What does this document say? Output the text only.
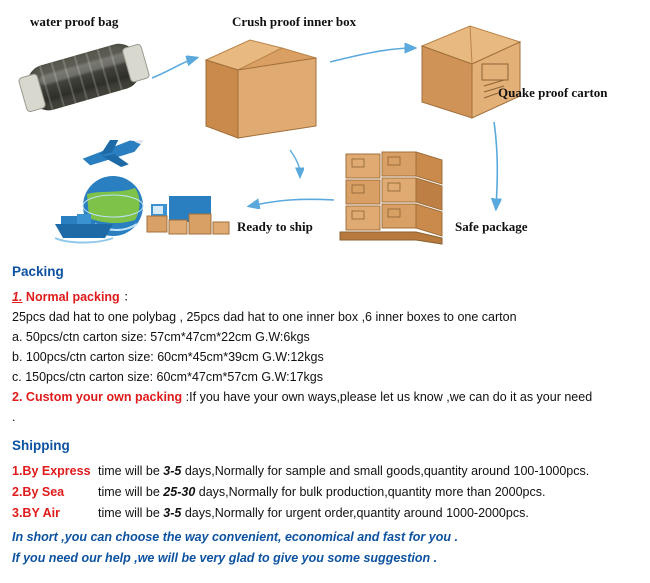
water proof bag	Crush proof inner box
Quake proof carton
Ready to ship	Safe package
Packing
1. Normal packing ：
25pcs dad hat to one polybag , 25pcs dad hat to one inner box ,6 inner boxes to one carton
a. 50pcs/ctn carton size: 57cm*47cm*22cm G.W:6kgs
b. 100pcs/ctn carton size: 60cm*45cm*39cm G.W:12kgs
c. 150pcs/ctn carton size: 60cm*47cm*57cm G.W:17kgs
2. Custom your own packing :If you have your own ways,please let us know ,we can do it as your need
.
Shipping
1.By Express time will be 3-5 days,Normally for sample and small goods,quantity around 100-1000pcs.
2.By Sea	time will be 25-30 days,Normally for bulk production,quantity more than 2000pcs.
3.BY Air	time will be 3-5 days,Normally for urgent order,quantity around 1000-2000pcs.
In short ,you can choose the way convenient, economical and fast for you .
If you need our help ,we will be very glad to give you some suggestion .
